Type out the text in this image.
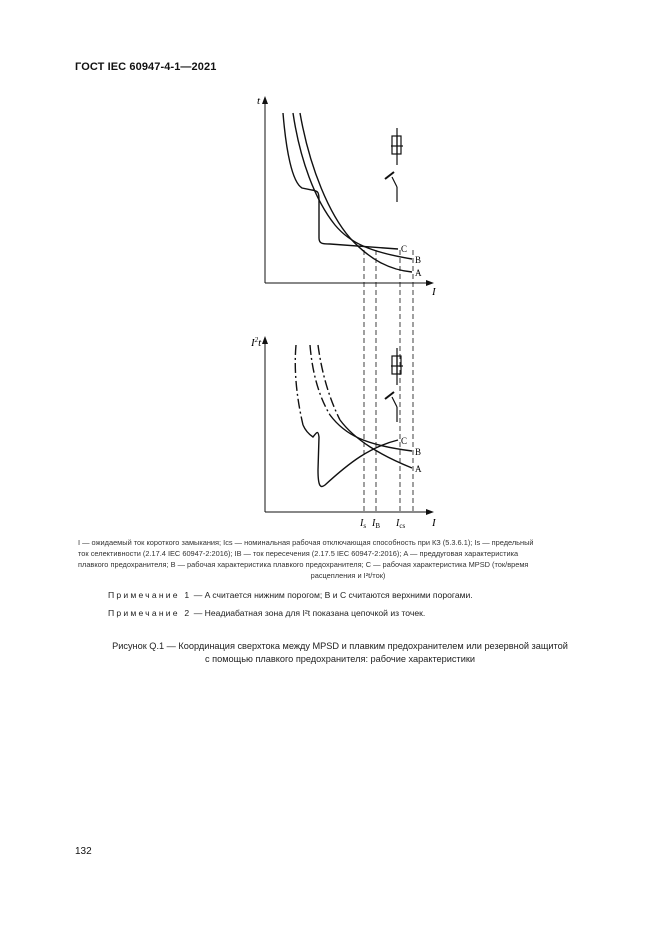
ГОСТ IEC 60947-4-1—2021
t
I
C
B
A
$I^2t$
I
C
B
A
$I_s$ $I_B$ $I_{cs}$
I — ожидаемый ток короткого замыкания; Ics — номинальная рабочая отключающая способность при КЗ (5.3.6.1); Is — предельный
ток селективности (2.17.4 IEC 60947-2:2016); IB — ток пересечения (2.17.5 IEC 60947-2:2016); A — преддуговая характеристика
плавкого предохранителя; B — рабочая характеристика плавкого предохранителя; C — рабочая характеристика MPSD (ток/время
расцепления и I²t/ток)
Примечание 1 — A считается нижним порогом; B и C считаются верхними порогами.
Примечание 2 — Неадиабатная зона для I²t показана цепочкой из точек.
Рисунок Q.1 — Координация сверхтока между MPSD и плавким предохранителем или резервной защитой
с помощью плавкого предохранителя: рабочие характеристики
132
